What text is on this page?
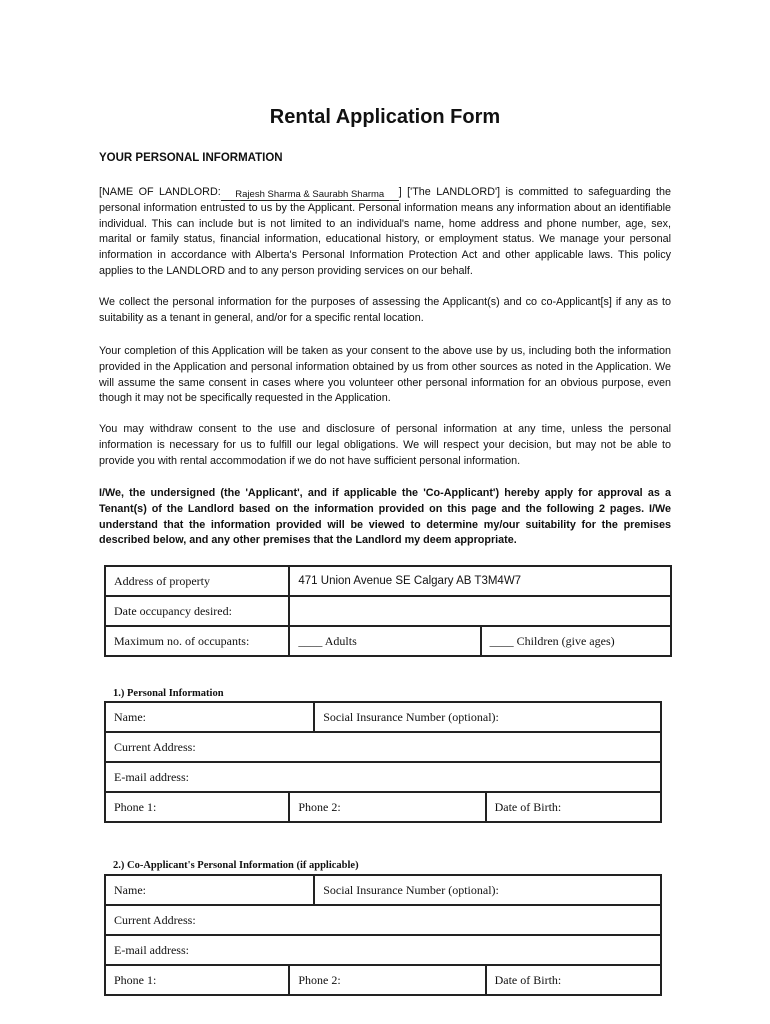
Rental Application Form
YOUR PERSONAL INFORMATION
[NAME OF LANDLORD: Rajesh Sharma & Saurabh Sharma ] ['The LANDLORD'] is committed to safeguarding the personal information entrusted to us by the Applicant. Personal information means any information about an identifiable individual. This can include but is not limited to an individual's name, home address and phone number, age, sex, marital or family status, financial information, educational history, or employment status. We manage your personal information in accordance with Alberta's Personal Information Protection Act and other applicable laws. This policy applies to the LANDLORD and to any person providing services on our behalf.
We collect the personal information for the purposes of assessing the Applicant(s) and co co-Applicant[s] if any as to suitability as a tenant in general, and/or for a specific rental location.
Your completion of this Application will be taken as your consent to the above use by us, including both the information provided in the Application and personal information obtained by us from other sources as noted in the Application. We will assume the same consent in cases where you volunteer other personal information for an obvious purpose, even though it may not be specifically requested in the Application.
You may withdraw consent to the use and disclosure of personal information at any time, unless the personal information is necessary for us to fulfill our legal obligations. We will respect your decision, but may not be able to provide you with rental accommodation if we do not have sufficient personal information.
I/We, the undersigned (the 'Applicant', and if applicable the 'Co-Applicant') hereby apply for approval as a Tenant(s) of the Landlord based on the information provided on this page and the following 2 pages. I/We understand that the information provided will be viewed to determine my/our suitability for the premises described below, and any other premises that the Landlord my deem appropriate.
Address of property	471 Union Avenue SE Calgary AB T3M4W7	
Date occupancy desired:		
Maximum no. of occupants:	____ Adults	____ Children (give ages)
1.) Personal Information
Name:		Social Insurance Number (optional):	
Current Address:			
E-mail address:			
Phone 1:	Phone 2:		Date of Birth:
2.) Co-Applicant's Personal Information (if applicable)
Name:		Social Insurance Number (optional):	
Current Address:			
E-mail address:			
Phone 1:	Phone 2:		Date of Birth:
